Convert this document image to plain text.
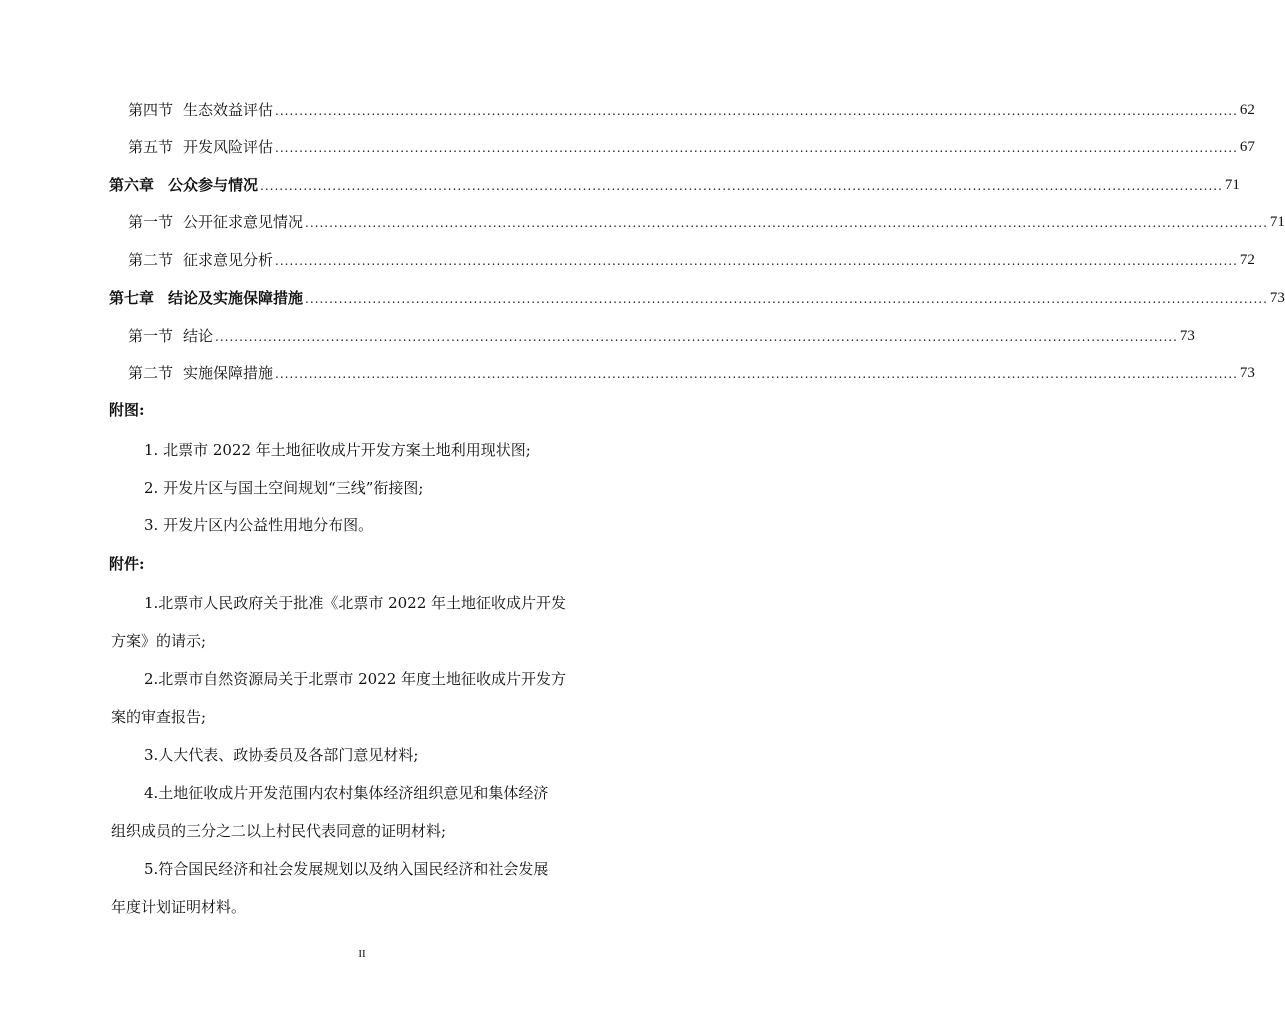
第四节 生态效益评估 ........................................................................................................................................................................................................ 62
第五节 开发风险评估 ........................................................................................................................................................................................................ 67
第六章 公众参与情况 ........................................................................................................................................................................................................ 71
第一节 公开征求意见情况 ........................................................................................................................................................................................................ 71
第二节 征求意见分析 ........................................................................................................................................................................................................ 72
第七章 结论及实施保障措施 ........................................................................................................................................................................................................ 73
第一节 结论 ........................................................................................................................................................................................................ 73
第二节 实施保障措施 ........................................................................................................................................................................................................ 73
附图:
1. 北票市 2022 年土地征收成片开发方案土地利用现状图;
2. 开发片区与国土空间规划“三线”衔接图;
3. 开发片区内公益性用地分布图。
附件:
1.北票市人民政府关于批准《北票市 2022 年土地征收成片开发
方案》的请示;
2.北票市自然资源局关于北票市 2022 年度土地征收成片开发方
案的审查报告;
3.人大代表、政协委员及各部门意见材料;
4.土地征收成片开发范围内农村集体经济组织意见和集体经济
组织成员的三分之二以上村民代表同意的证明材料;
5.符合国民经济和社会发展规划以及纳入国民经济和社会发展
年度计划证明材料。
II
